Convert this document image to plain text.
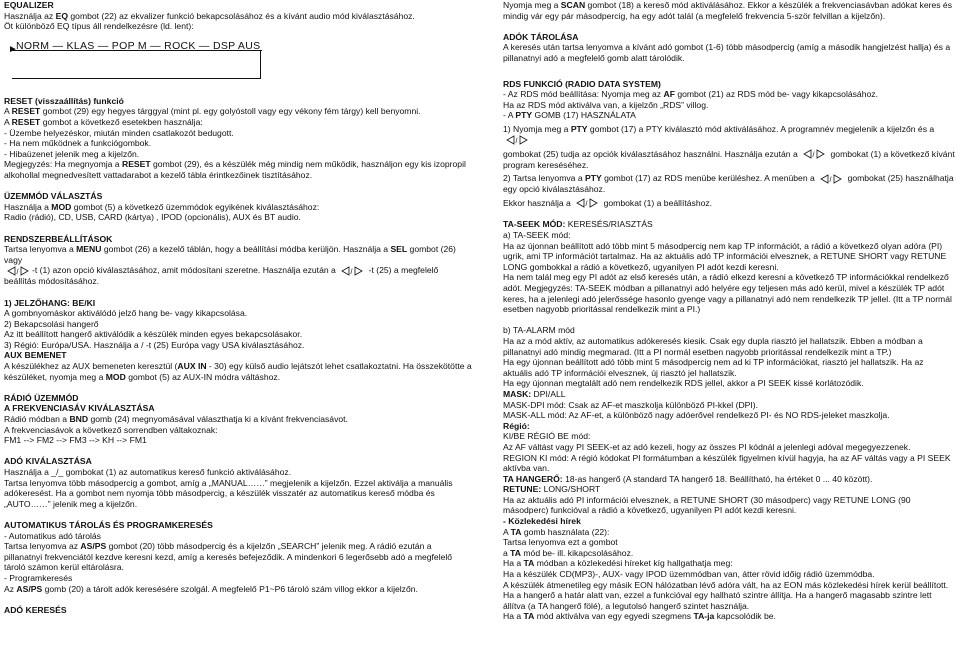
EQUALIZER

Használja az EQ gombot (22) az ekvalizer funkció bekapcsolásához és a kívánt audio mód kiválasztásához.

Öt különböző EQ típus áll rendelkezésre (ld. lent):

►
NORM — KLAS — POP M — ROCK — DSP AUS

RESET (visszaállítás) funkció

A RESET gombot (29) egy hegyes tárggyal (mint pl. egy golyóstoll vagy egy vékony fém tárgy) kell benyomni.

A RESET gombot a következő esetekben használja:

- Üzembe helyezéskor, miután minden csatlakozót bedugott.

- Ha nem működnek a funkciógombok.

- Hibaüzenet jelenik meg a kijelzőn.

Megjegyzés: Ha megnyomja a RESET gombot (29), és a készülék még mindig nem működik, használjon egy kis izopropil alkohollal megnedvesített vattadarabot a kezelő tábla érintkezőinek tisztításához.

ÜZEMMÓD VÁLASZTÁS

Használja a MOD gombot (5) a következő üzemmódok egyikének kiválasztásához:

Radio (rádió), CD, USB, CARD (kártya) , IPOD (opcionális), AUX és BT audio.

RENDSZERBEÁLLÍTÁSOK

Tartsa lenyomva a MENU gombot (26) a kezelő táblán, hogy a beállítási módba kerüljön. Használja a SEL gombot (26) vagy

/ -t (1) azon opció kiválasztásához, amit módosítani szeretne. Használja ezután a / -t (25) a megfelelő

beállítás módosításához.

1) JELZŐHANG: BE/KI

A gombnyomáskor aktiválódó jelző hang be- vagy kikapcsolása.

2) Bekapcsolási hangerő

Az itt beállított hangerő aktiválódik a készülék minden egyes bekapcsolásakor.

3) Régió: Európa/USA. Használja a / -t (25) Európa vagy USA kiválasztásához.

AUX BEMENET

A készülékhez az AUX bemeneten keresztül (AUX IN - 30) egy külső audio lejátszót lehet csatlakoztatni. Ha összekötötte a készüléket, nyomja meg a MOD gombot (5) az AUX-IN módra váltáshoz.

RÁDIÓ ÜZEMMÓD

A FREKVENCIASÁV KIVÁLASZTÁSA

Rádió módban a BND gomb (24) megnyomásával választhatja ki a kívánt frekvenciasávot.

A frekvenciasávok a következő sorrendben váltakoznak:

FM1 --> FM2 --> FM3 --> KH --> FM1

ADÓ KIVÁLASZTÁSA

Használja a _/_ gombokat (1) az automatikus kereső funkció aktiválásához.

Tartsa lenyomva több másodpercig a gombot, amíg a „MANUAL……” megjelenik a kijelzőn. Ezzel aktiválja a manuális adókeresést. Ha a gombot nem nyomja több másodpercig, a készülék visszatér az automatikus kereső módba és „AUTO……” jelenik meg a kijelzőn.

AUTOMATIKUS TÁROLÁS ÉS PROGRAMKERESÉS

- Automatikus adó tárolás

Tartsa lenyomva az AS/PS gombot (20) több másodpercig és a kijelzőn „SEARCH” jelenik meg. A rádió ezután a pillanatnyi frekvenciától kezdve keresni kezd, amíg a keresés befejeződik. A mindenkori 6 legerősebb adó a megfelelő tároló számon kerül eltárolásra.

- Programkeresés

Az AS/PS gomb (20) a tárolt adók keresésére szolgál. A megfelelő P1~P6 tároló szám villog ekkor a kijelzőn.

ADÓ KERESÉS

Nyomja meg a SCAN gombot (18) a kereső mód aktiválásához. Ekkor a készülék a frekvenciasávban adókat keres és mindig vár egy pár másodpercig, ha egy adót talál (a megfelelő frekvencia 5-ször felvillan a kijelzőn).

ADÓK TÁROLÁSA

A keresés után tartsa lenyomva a kívánt adó gombot (1-6) több másodpercig (amíg a második hangjelzést hallja) és a pillanatnyi adó a megfelelő gomb alatt tárolódik.

RDS FUNKCIÓ (RADIO DATA SYSTEM)

- Az RDS mód beállítása: Nyomja meg az AF gombot (21) az RDS mód be- vagy kikapcsolásához.

Ha az RDS mód aktiválva van, a kijelzőn „RDS” villog.

- A PTY GOMB (17) HASZNÁLATA

1) Nyomja meg a PTY gombot (17) a PTY kiválasztó mód aktiválásához. A programnév megjelenik a kijelzőn és a
/

gombokat (25) tudja az opciók kiválasztásához használni. Használja ezután a / gombokat (1) a következő kívánt program kereséséhez.

2) Tartsa lenyomva a PTY gombot (17) az RDS menübe kerüléshez. A menüben a / gombokat (25) használhatja egy opció kiválasztásához.

Ekkor használja a / gombokat (1) a beállításhoz.

TA-SEEK MÓD: KERESÉS/RIASZTÁS

a) TA-SEEK mód:

Ha az újonnan beállított adó több mint 5 másodpercig nem kap TP információt, a rádió a következő olyan adóra (PI) ugrik, ami TP információt tartalmaz. Ha az aktuális adó TP információi elvesznek, a RETUNE SHORT vagy RETUNE LONG gombokkal a rádió a következő, ugyanilyen PI adót kezdi keresni.

Ha nem talál meg egy PI adót az első keresés után, a rádió elkezd keresni a következő TP információkkal rendelkező adót. Megjegyzés: TA-SEEK módban a pillanatnyi adó helyére egy teljesen más adó kerül, mivel a kész‍ülék TP adót keres, ha a jelenlegi adó jelerőssége hasonlo gyenge vagy a pillanatnyi adó nem rendelkezik TP jellel. (Itt a TP normál esetben nagyobb prioritással rendelkezik mint a PI.)

b) TA-ALARM mód

Ha az a mód aktív, az automatikus adókeresés kiesik. Csak egy dupla riasztó jel hallatszik. Ebben a módban a pillanatnyi adó mindig megmarad. (Itt a PI normál esetben nagyobb prioritással rendelkezik mint a TP.)

Ha egy újonnan beállított adó több mint 5 másodpercig nem ad ki TP információkat, riasztó jel hallatszik. Ha az aktuális adó TP információi elvesznek, új riasztó jel hallatszik.

Ha egy újonnan megtalált adó nem rendelkezik RDS jellel, akkor a PI SEEK kissé korlátozódik.

MASK: DPI/ALL

MASK-DPI mód: Csak az AF-et maszkolja különböző PI-kkel (DPI).

MASK-ALL mód: Az AF-et, a különböző nagy adóerővel rendelkező PI- és NO RDS-jeleket maszkolja.

Régió:

KI/BE RÉGIÓ BE mód:

Az AF váltást vagy PI SEEK-et az adó kezeli, hogy az összes PI kódnál a jelenlegi adóval megegyezzenek.

REGION KI mód: A régió kódokat PI formátumban a készülék figyelmen kívül hagyja, ha az AF váltás vagy a PI SEEK aktívba van.

TA HANGERŐ: 18-as hangerő (A standard TA hangerő 18. Beállítható, ha értéket 0 ... 40 között).

RETUNE: LONG/SHORT

Ha az aktuális adó PI információi elvesznek, a RETUNE SHORT (30 másodperc) vagy RETUNE LONG (90 másodperc) funkcióval a rádió a következő, ugyanilyen PI adót kezdi keresni.

- Közlekedési hírek

A TA gomb használata (22):

Tartsa lenyomva ezt a gombot

a TA mód be- ill. kikapcsolásához.

Ha a TA módban a közlekedési híreket kíg hallgathatja meg:

Ha a készülék CD(MP3)-, AUX- vagy IPOD üzemmódban van, átter rövid időig rádió üzemmódba.

A készülék átmenetileg egy másik EON hálózatban lévő adóra vált, ha az EON más közlekedési hírek kerül beállított.

Ha a hangerő a határ alatt van, ezzel a funkcióval egy hallható szintre állítja. Ha a hangerő magasabb szintre lett állítva (a TA hangerő fölé), a legutolsó hangerő szintet használja.

Ha a TA mód aktiválva van egy egyedi szegmens TA-ja kapcsolódik be.
